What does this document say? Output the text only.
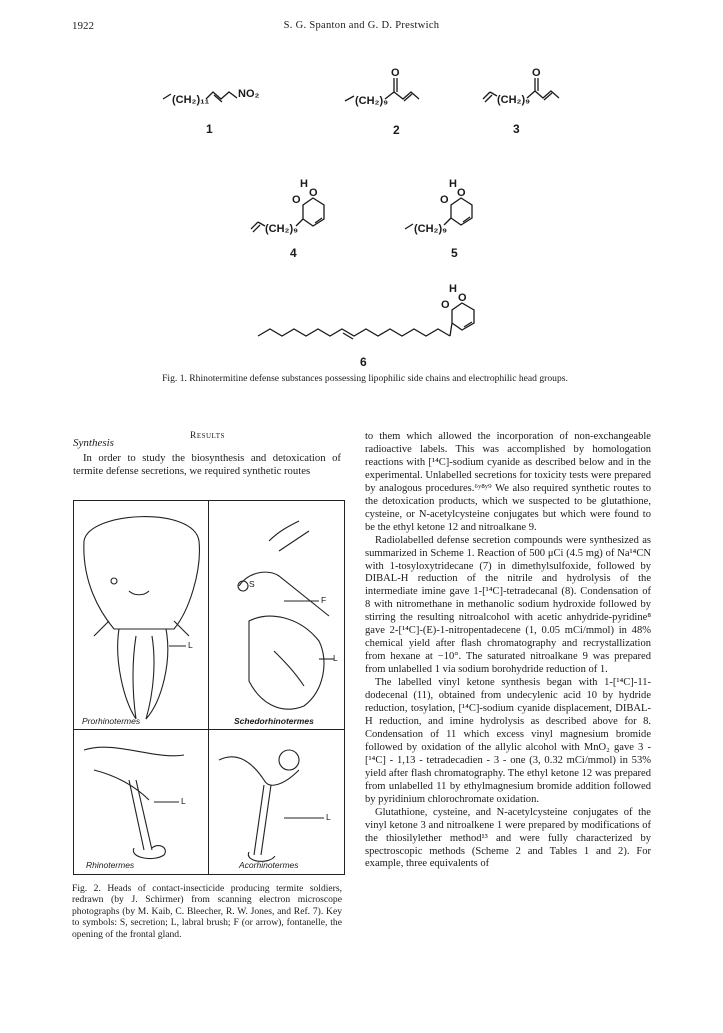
1922	S. G. Spanton and G. D. Prestwich
(CH₂)₁₁	NO₂
1
(CH₂)₉
O
2
(CH₂)₉
O
3
(CH₂)₉
O
O
H
4
(CH₂)₉
O
O
H
5
O
O
H
6
Fig. 1. Rhinotermitine defense substances possessing lipophilic side chains and electrophilic head groups.
Results
Synthesis
In order to study the biosynthesis and detoxication of termite defense secretions, we required synthetic routes
L
Prorhinotermes
S
F
L
Schedorhinotermes
L
Rhinotermes
L
Acorhinotermes
Fig. 2. Heads of contact-insecticide producing termite soldiers, redrawn (by J. Schirmer) from scanning electron microscope photographs (by M. Kaib, C. Bleecher, R. W. Jones, and Ref. 7). Key to symbols: S, secretion; L, labral brush; F (or arrow), fontanelle, the opening of the frontal gland.

to them which allowed the incorporation of non-exchangeable radioactive labels. This was accomplished by homologation reactions with [¹⁴C]-sodium cyanide as described below and in the experimental. Unlabelled secretions for toxicity tests were prepared by analogous procedures.⁶ʸ⁸ʸ⁹ We also required synthetic routes to the detoxication products, which we suspected to be glutathione, cysteine, or N-acetylcysteine conjugates but which were found to be the ethyl ketone 12 and nitroalkane 9.

Radiolabelled defense secretion compounds were synthesized as summarized in Scheme 1. Reaction of 500 μCi (4.5 mg) of Na¹⁴CN with 1-tosyloxytridecane (7) in dimethylsulfoxide, followed by DIBAL-H reduction of the nitrile and hydrolysis of the intermediate imine gave 1-[¹⁴C]-tetradecanal (8). Condensation of 8 with nitromethane in methanolic sodium hydroxide followed by stirring the resulting nitroalcohol with acetic anhydride-pyridine⁸ gave 2-[¹⁴C]-(E)-1-nitropentadecene (1, 0.05 mCi/mmol) in 48% chemical yield after flash chromatography and recrystallization from hexane at −10°. The saturated nitroalkane 9 was prepared from unlabelled 1 via sodium borohydride reduction of 1.

The labelled vinyl ketone synthesis began with 1-[¹⁴C]-11-dodecenal (11), obtained from undecylenic acid 10 by hydride reduction, tosylation, [¹⁴C]-sodium cyanide displacement, DIBAL-H reduction, and imine hydrolysis as described above for 8. Condensation of 11 which excess vinyl magnesium bromide followed by oxidation of the allylic alcohol with MnO₂ gave 3 - [¹⁴C] - 1,13 - tetradecadien - 3 - one (3, 0.32 mCi/mmol) in 53% yield after flash chromatography. The ethyl ketone 12 was prepared from unlabelled 11 by ethylmagnesium bromide addition followed by pyridinium chlorochromate oxidation.

Glutathione, cysteine, and N-acetylcysteine conjugates of the vinyl ketone 3 and nitroalkene 1 were prepared by modifications of the thiosilylether method¹³ and were fully characterized by spectroscopic methods (Scheme 2 and Tables 1 and 2). For example, three equivalents of
